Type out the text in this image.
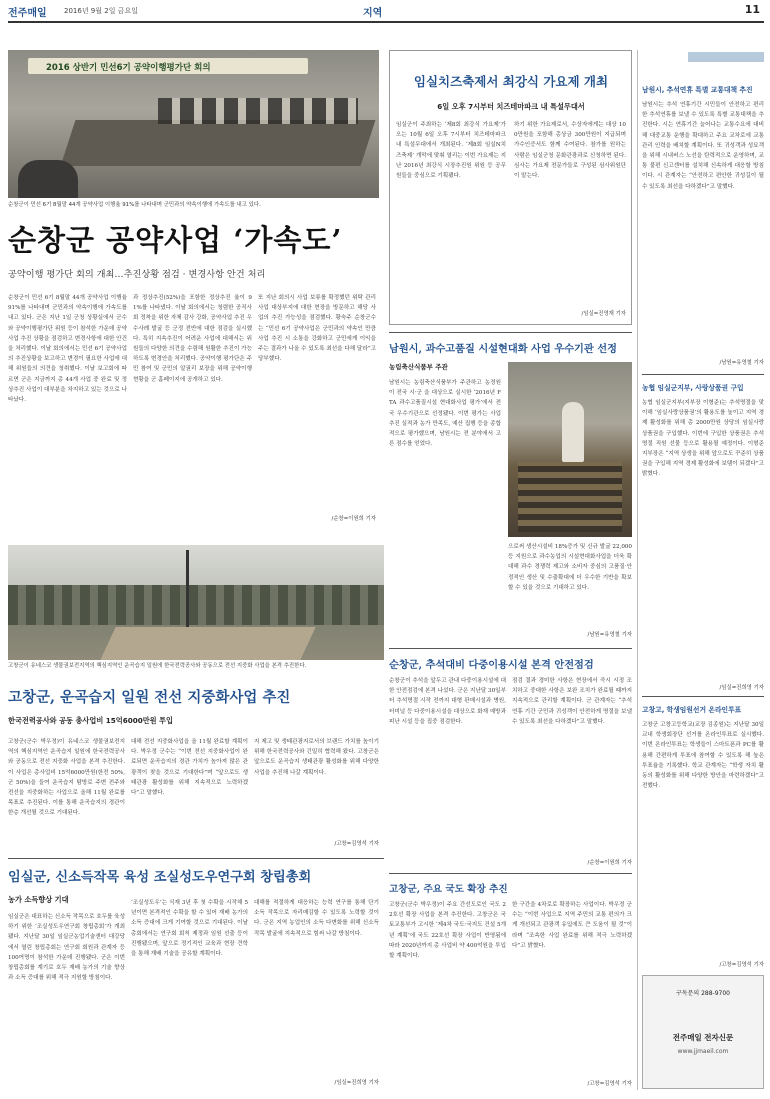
전주매일 2016년 9월 2일 금요일	지역	11
2016 상반기 민선6기 공약이행평가단 회의
순창군이 민선 6기 8월말 44개 공약사업 이행율 91%를 나타내며 군민과의 약속이행에 가속도를 내고 있다.
순창군 공약사업 ‘가속도’
공약이행 평가단 회의 개최…추진상황 점검 · 변경사항 안건 처리
순창군이 민선 6기 8월말 44개 공약사업 이행율 91%를 나타내며 군민과의 약속이행에 가속도를 내고 있다. 군은 지난 1일 군청 상황실에서 군수와 공약이행평가단 위원 등이 참석한 가운데 공약사업 추진 상황을 점검하고 변경사항에 대한 안건을 처리했다. 이날 회의에서는 민선 6기 공약사업의 추진상황을 보고하고 변경이 필요한 사업에 대해 위원들의 의견을 청취했다. 이날 보고회에 따르면 군은 지금까지 총 44개 사업 중 완료 및 정상추진 사업이 대부분을 차지하고 있는 것으로 나타났다.
과 정상추진(52%)을 포함한 정상추진 율이 91%를 나타냈다. 이날 회의에서는 청렴한 공직사회 정착을 위한 자체 감사 강화, 공약사업 추진 우수사례 발굴 등 군정 전반에 대한 점검을 실시했다. 특히 지속추진이 어려운 사업에 대해서는 위원들의 다양한 의견을 수렴해 원활한 추진이 가능하도록 변경안을 처리했다. 공약이행 평가단은 주민 참여 및 군민의 알권리 보장을 위해 공약이행 현황을 군 홈페이지에 공개하고 있다.
또 지난 회의시 사업 보류를 확정했던 위탁 관리 사업 대상부지에 대한 현장을 방문하고 해당 사업의 추진 가능성을 점검했다. 황숙주 순창군수는 “민선 6기 공약사업은 군민과의 약속인 만큼 사업 추진 시 소통을 강화하고 군민에게 이익을 주는 결과가 나올 수 있도록 최선을 다해 달라”고 당부했다.
/순창=이원희 기자
임실치즈축제서 최강식 가요제 개최
6일 오후 7시부터 치즈테마파크 내 특설무대서
임실군이 주최하는 ‘제8회 최강식 가요제’가 오는 10월 6일 오후 7시부터 치즈테마파크 내 특설무대에서 개최된다. ‘제8회 임실N치즈축제’ 개막에 맞춰 열리는 이번 가요제는 지난 2016년 최강식 시장추진원 위원 등 공무원들을 중심으로 기획됐다.
하기 위한 가요제로서, 수상자에게는 대상 100만원을 포함해 총상금 300만원이 지급되며 가수인증서도 함께 수여된다. 참가를 원하는 사람은 임실군청 문화관광과로 신청하면 된다. 심사는 가요제 전문가들로 구성된 심사위원단이 맡는다.
/임실=진영재 기자
남원시, 추석연휴 특별 교통대책 추진
남원시는 추석 연휴기간 시민들이 안전하고 편리한 추석연휴를 보낼 수 있도록 특별 교통대책을 추진한다. 시는 연휴기간 늘어나는 교통수요에 대비해 대중교통 운행을 확대하고 주요 교차로에 교통 관리 인력을 배치할 계획이다. 또 귀성객과 성묘객을 위해 시내버스 노선을 탄력적으로 운영하며, 교통 불편 신고센터를 설치해 신속하게 대응할 방침이다. 시 관계자는 “안전하고 편안한 귀성길이 될 수 있도록 최선을 다하겠다”고 말했다.
/남원=유영철 기자
농협 임실군지부, 사랑상품권 구입
농협 임실군지부(지부장 이형준)는 추석명절을 맞이해 ‘임실사랑상품권’의 활용도를 높이고 지역 경제 활성화를 위해 총 2000만원 상당의 임실사랑상품권을 구입했다. 이번에 구입한 상품권은 추석 명절 직원 선물 등으로 활용될 예정이다. 이형준 지부장은 “지역 상생을 위해 앞으로도 꾸준히 상품권을 구입해 지역 경제 활성화에 보탬이 되겠다”고 밝혔다.
/임실=진희영 기자
고창고, 학생임원선거 온라인투표
고창군 고창고등학교(교장 김종원)는 지난달 30일 교내 학생회장단 선거를 온라인투표로 실시했다. 이번 온라인투표는 학생들이 스마트폰과 PC를 활용해 간편하게 투표에 참여할 수 있도록 해 높은 투표율을 기록했다. 학교 관계자는 “학생 자치 활동의 활성화를 위해 다양한 방안을 마련하겠다”고 전했다.
/고창=김영석 기자
구독문의 288-9700
전주매일 전자신문
www.jjmaeil.com
남원시, 과수고품질 시설현대화 사업 우수기관 선정
농림축산식품부 주관
남원시는 농림축산식품부가 주관하고 농정원이 전국 시·군 을 대상으로 실시한 ‘2016년 FTA 과수고품질시설 현대화사업 평가’에서 전국 우수기관으로 선정됐다. 이번 평가는 사업 추진 실적과 농가 만족도, 예산 집행 등을 종합적으로 평가했으며, 남원시는 전 분야에서 고른 점수를 얻었다.
으로써 생산시설비 18%증가 및 신규 발굴 22,000 등 지원으로 과수농업의 시설현대화사업을 더욱 확대해 과수 경쟁력 제고와 소비자 중심의 고품질·안정적인 생산 및 수출확대에 더 우수한 기반을 확보할 수 있을 것으로 기대하고 있다.
/남원=유영철 기자
고창군이 유네스코 생물권보전지역의 핵심지역인 운곡습지 일원에 한국전력공사와 공동으로 전선 지중화 사업을 본격 추진한다.
고창군, 운곡습지 일원 전선 지중화사업 추진
한국전력공사와 공동 총사업비 15억6000만원 투입
고창군(군수 박우정)이 유네스코 생물권보전지역의 핵심지역인 운곡습지 일원에 한국전력공사와 공동으로 전선 지중화 사업을 본격 추진한다. 이 사업은 총사업비 15억6000만원(한전 50%, 군 50%)을 들여 운곡습지 탐방로 주변 전주와 전선을 지중화하는 사업으로 올해 11월 완료를 목표로 추진된다. 이를 통해 운곡습지의 경관이 한층 개선될 것으로 기대된다.
대해 전선 지중화사업을 올 11월 완료할 계획이다. 박우정 군수는 “이번 전선 지중화사업이 완료되면 운곡습지의 경관 가치가 높아져 많은 관광객이 찾을 것으로 기대한다”며 “앞으로도 생태관광 활성화를 위해 지속적으로 노력하겠다”고 말했다.
지 제고 및 생태관광지로서의 브랜드 가치를 높이기 위해 한국전력공사와 긴밀히 협력해 왔다. 고창군은 앞으로도 운곡습지 생태관광 활성화를 위해 다양한 사업을 추진해 나갈 계획이다.
/고창=김영석 기자
순창군, 추석대비 다중이용시설 본격 안전점검
순창군이 추석을 앞두고 관내 다중이용시설에 대한 안전점검에 본격 나섰다. 군은 지난달 30일부터 추석명절 시작 전까지 대형 판매시설과 병원, 터미널 등 다중이용시설을 대상으로 화재 예방과 피난 시설 등을 집중 점검한다.
점검 결과 경미한 사항은 현장에서 즉시 시정 조치하고 중대한 사항은 보완 조치가 완료될 때까지 지속적으로 관리할 계획이다. 군 관계자는 “추석 연휴 기간 군민과 귀성객이 안전하게 명절을 보낼 수 있도록 최선을 다하겠다”고 말했다.
/순창=이원희 기자
임실군, 신소득작목 육성 조실성도우연구회 창립총회
농가 소득향상 기대
임실군은 대표하는 신소득 작목으로 호두를 육성하기 위한 ‘조실성도우연구회 창립총회’가 개최됐다. 지난달 30일 임실군농업기술센터 대강당에서 열린 창립총회는 연구회 회원과 관계자 등 100여명이 참석한 가운데 진행됐다. 군은 이번 창립총회를 계기로 호두 재배 농가의 기술 향상과 소득 증대를 위해 적극 지원할 방침이다.
‘조실성도우’는 식재 3년 후 첫 수확을 시작해 5년이면 본격적인 수확을 할 수 있어 재배 농가의 소득 증대에 크게 기여할 것으로 기대된다. 이날 총회에서는 연구회 회칙 제정과 임원 선출 등이 진행됐으며, 앞으로 정기적인 교육과 현장 견학을 통해 재배 기술을 공유할 계획이다.
대해를 적절하게 대응하는 능력 연구를 통해 단기 소득 작목으로 자리매김할 수 있도록 노력할 것이다. 군은 지역 농업인의 소득 다변화를 위해 신소득 작목 발굴에 지속적으로 힘써 나갈 방침이다.
/임실=진희영 기자
고창군, 주요 국도 확장 추진
고창군(군수 박우정)이 주요 간선도로인 국도 22호선 확장 사업을 본격 추진한다. 고창군은 국토교통부가 고시한 ‘제4차 국도·국지도 건설 5개년 계획’에 국도 22호선 확장 사업이 반영됨에 따라 2020년까지 총 사업비 약 400억원을 투입할 계획이다.
한 구간을 4차로로 확장하는 사업이다. 박우정 군수는 “이번 사업으로 지역 주민의 교통 편의가 크게 개선되고 관광객 유입에도 큰 도움이 될 것”이라며 “조속한 사업 완료를 위해 적극 노력하겠다”고 밝혔다.
/고창=김영석 기자
